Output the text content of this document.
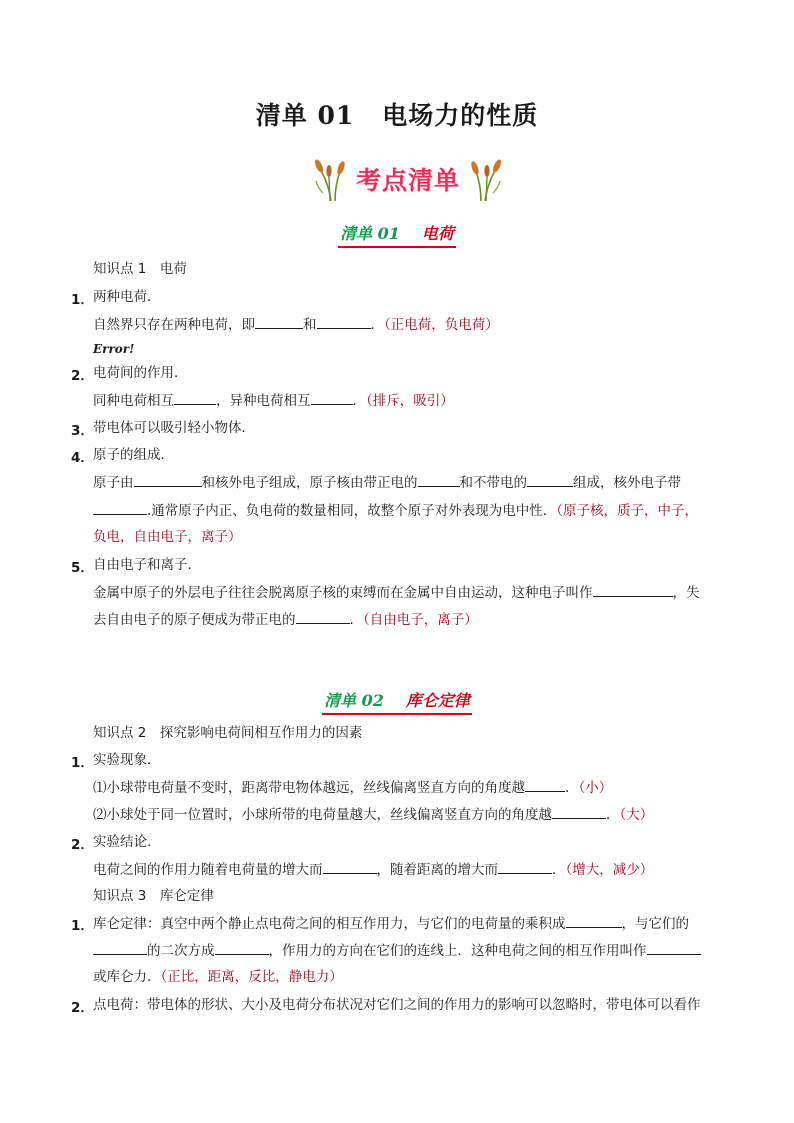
清单 01 电场力的性质
考点清单
清单 01 电荷
知识点 1　电荷
1． 两种电荷．
自然界只存在两种电荷，即	和	．（正电荷，负电荷）
Error!
2． 电荷间的作用．
同种电荷相互	，异种电荷相互	．（排斥，吸引）
3． 带电体可以吸引轻小物体．
4． 原子的组成．
原子由	和核外电子组成，原子核由带正电的	和不带电的	组成，核外电子带
.通常原子内正、负电荷的数量相同，故整个原子对外表现为电中性．（原子核，质子，中子，
负电，自由电子，离子）
5． 自由电子和离子．
金属中原子的外层电子往往会脱离原子核的束缚而在金属中自由运动，这种电子叫作	，失
去自由电子的原子便成为带正电的	．（自由电子，离子）
清单 02 库仑定律
知识点 2　探究影响电荷间相互作用力的因素
1． 实验现象．
⑴小球带电荷量不变时，距离带电物体越远，丝线偏离竖直方向的角度越	．（小）
⑵小球处于同一位置时，小球所带的电荷量越大，丝线偏离竖直方向的角度越	．（大）
2． 实验结论．
电荷之间的作用力随着电荷量的增大而	，随着距离的增大而	．（增大，减少）
知识点 3　库仑定律
1． 库仑定律：真空中两个静止点电荷之间的相互作用力，与它们的电荷量的乘积成	，与它们的
的二次方成	，作用力的方向在它们的连线上．这种电荷之间的相互作用叫作
或库仑力．（正比，距离，反比，静电力）
2． 点电荷：带电体的形状、大小及电荷分布状况对它们之间的作用力的影响可以忽略时，带电体可以看作
